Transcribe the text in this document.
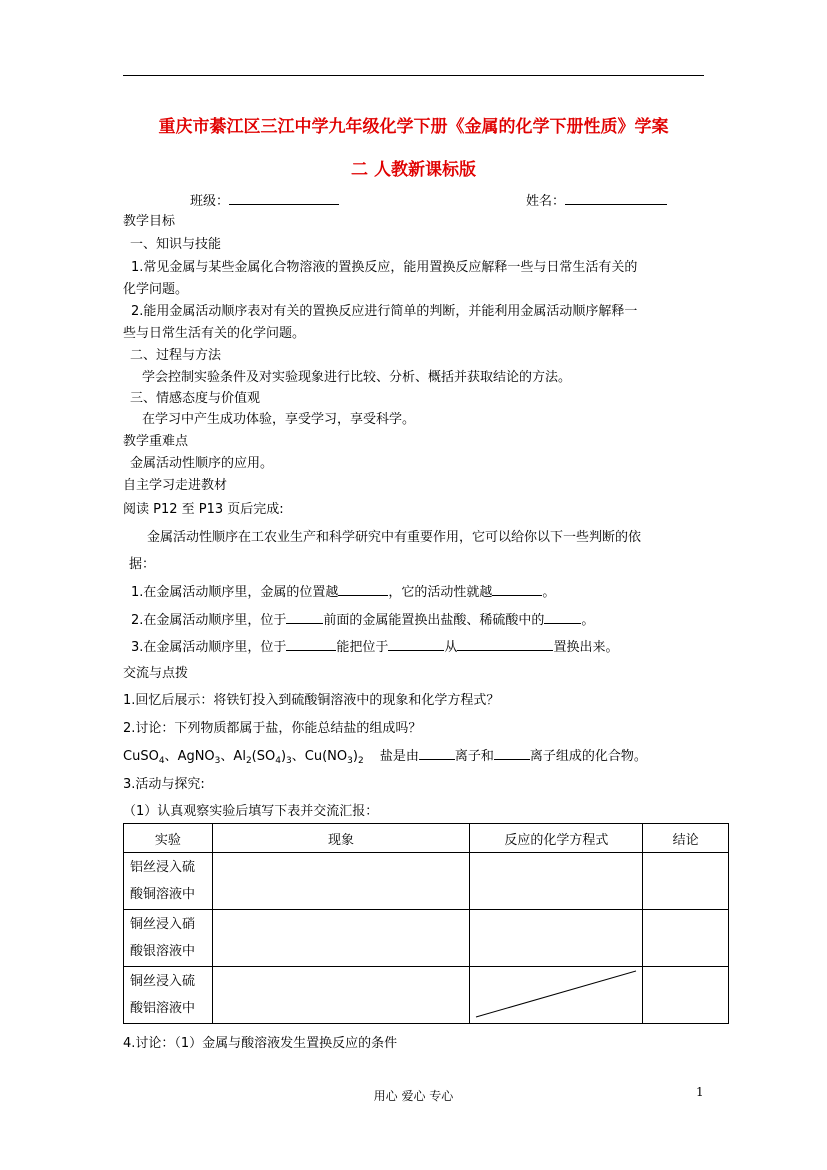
重庆市綦江区三江中学九年级化学下册《金属的化学下册性质》学案
二 人教新课标版
班级：	姓名：
教学目标
一、知识与技能
1.常见金属与某些金属化合物溶液的置换反应，能用置换反应解释一些与日常生活有关的
化学问题。
2.能用金属活动顺序表对有关的置换反应进行简单的判断，并能利用金属活动顺序解释一
些与日常生活有关的化学问题。
二、过程与方法
学会控制实验条件及对实验现象进行比较、分析、概括并获取结论的方法。
三、情感态度与价值观
在学习中产生成功体验，享受学习，享受科学。
教学重难点
金属活动性顺序的应用。
自主学习走进教材
阅读 P12 至 P13 页后完成:
金属活动性顺序在工农业生产和科学研究中有重要作用，它可以给你以下一些判断的依
据：
1.在金属活动顺序里，金属的位置越	，它的活动性就越	。
2.在金属活动顺序里，位于	前面的金属能置换出盐酸、稀硫酸中的	。
3.在金属活动顺序里，位于	能把位于	从	置换出来。
交流与点拨
1.回忆后展示：将铁钉投入到硫酸铜溶液中的现象和化学方程式？
2.讨论：下列物质都属于盐，你能总结盐的组成吗？
CuSO$_4$、AgNO$_3$、$Al_2(SO_4)_3$、$Cu(NO_3)_2$ 盐是由	离子和	离子组成的化合物。
3.活动与探究:
（1）认真观察实验后填写下表并交流汇报：
实验	现象	反应的化学方程式	结论

铝丝浸入硫
酸铜溶液中			

铜丝浸入硝
酸银溶液中			

铜丝浸入硫
酸铝溶液中

4.讨论：（1）金属与酸溶液发生置换反应的条件
用心 爱心 专心	1
